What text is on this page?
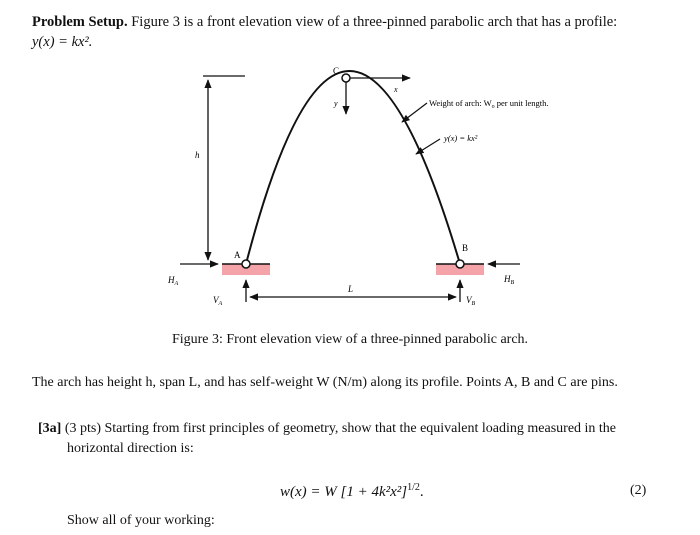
Problem Setup. Figure 3 is a front elevation view of a three-pinned parabolic arch that has a profile:
y(x) = kx².
C
A
B
x
y
h
$H_A$	$H_B$
$V_A$	$V_B$
L
Weight of arch: $W_o$ per unit length.
y(x) = kx²
Figure 3: Front elevation view of a three-pinned parabolic arch.
The arch has height h, span L, and has self-weight W (N/m) along its profile. Points A, B and C are pins.
[3a] (3 pts) Starting from first principles of geometry, show that the equivalent loading measured in the
horizontal direction is:
w(x) = W $[1 + 4k^2x^2]^{1/2}$.	(2)
Show all of your working:
